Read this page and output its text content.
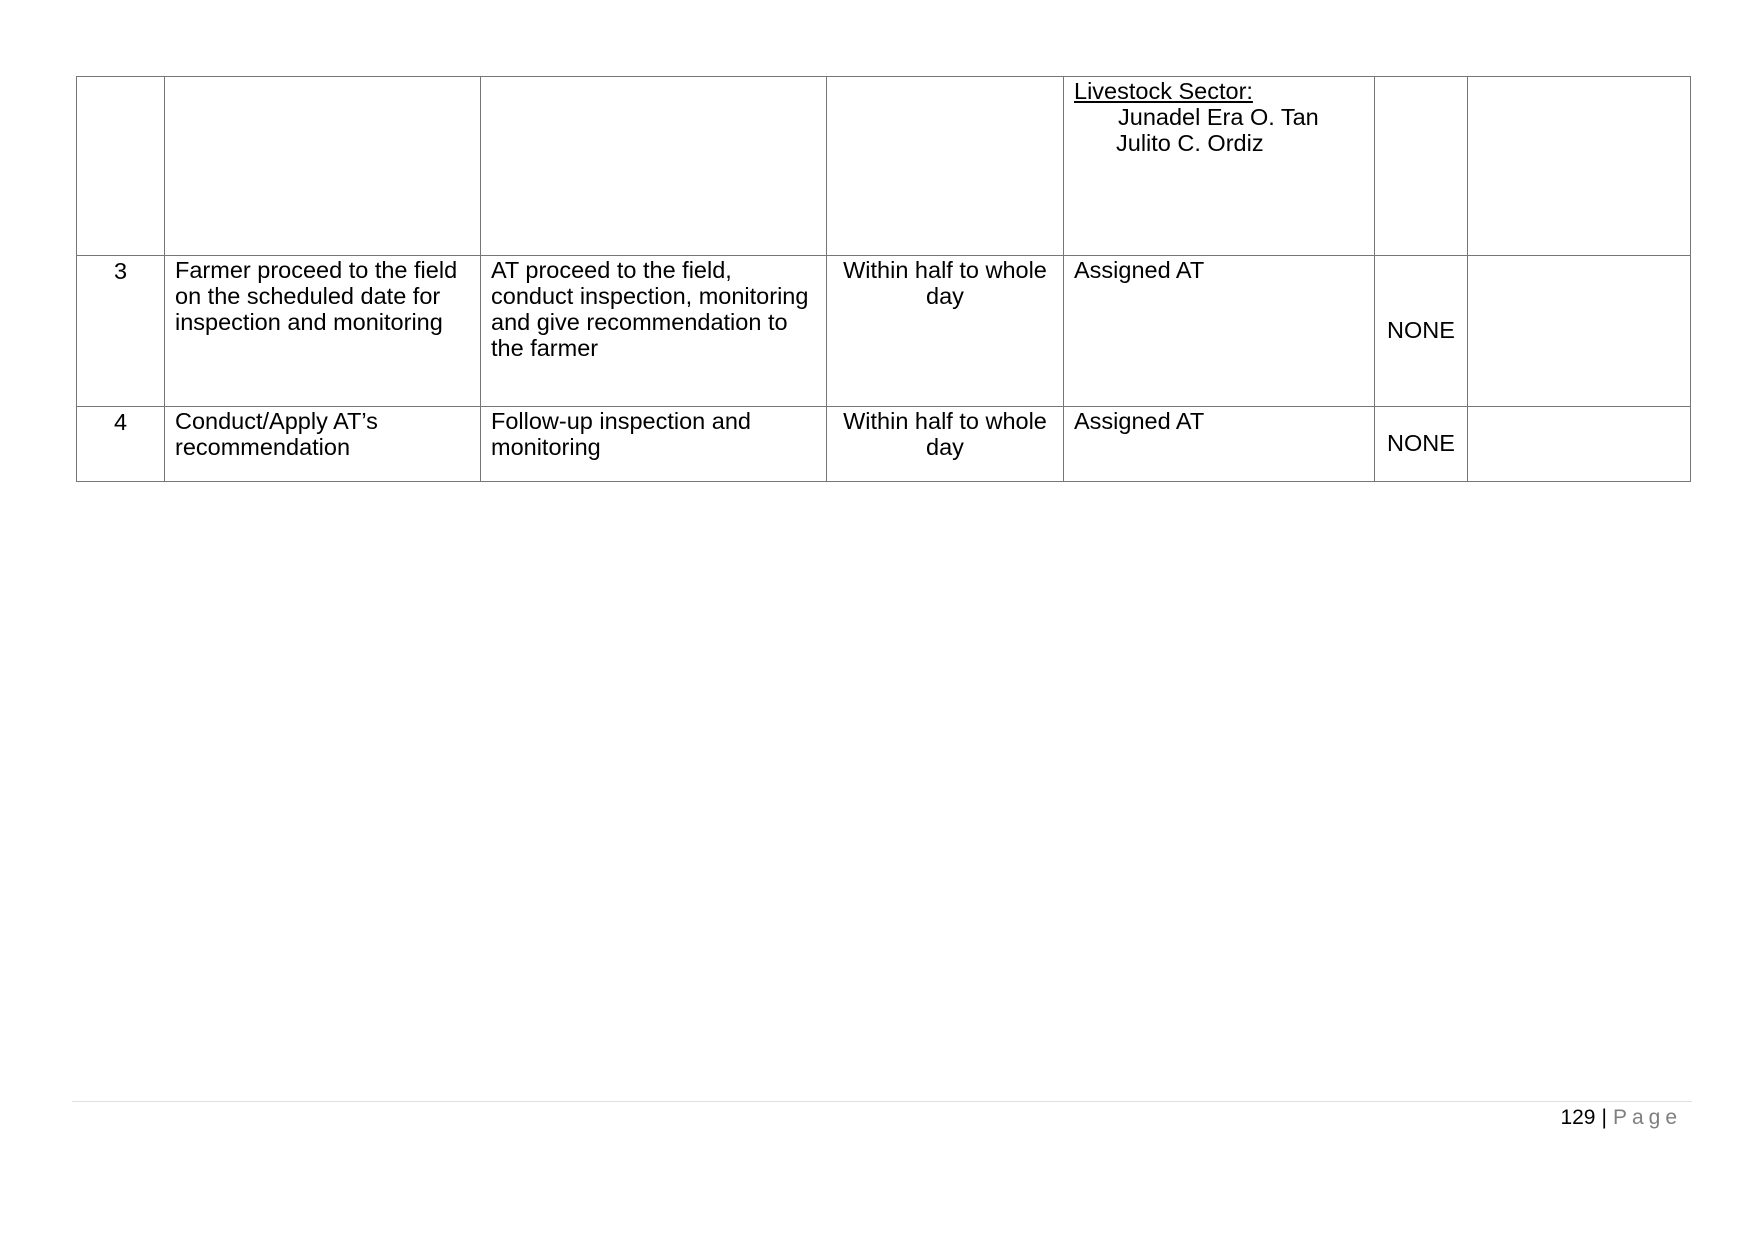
				Livestock Sector:
Junadel Era O. Tan
Julito C. Ordiz		

3	Farmer proceed to the field on the scheduled date for inspection and monitoring	AT proceed to the field, conduct inspection, monitoring and give recommendation to the farmer	Within half to whole day	Assigned AT	NONE	
4	Conduct/Apply AT’s recommendation	Follow-up inspection and monitoring	Within half to whole day	Assigned AT	NONE	
129 | Page
